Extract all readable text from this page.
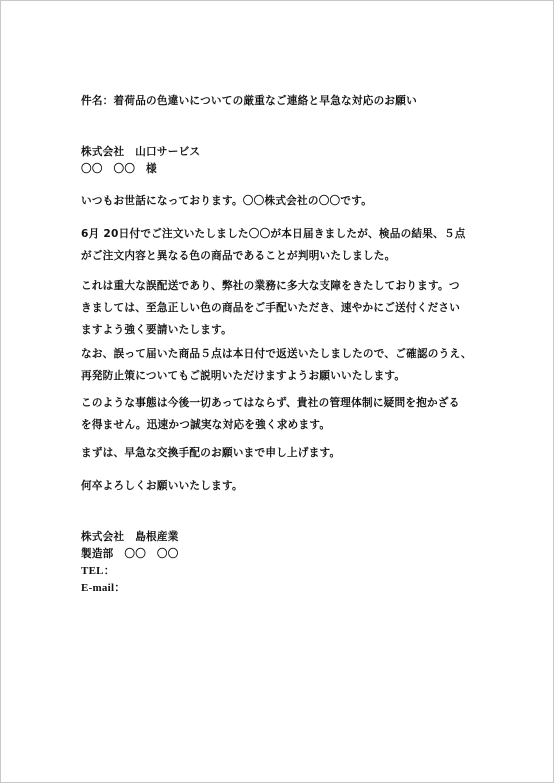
件名：着荷品の色違いについての厳重なご連絡と早急な対応のお願い
株式会社　山口サービス
〇〇　〇〇　様
いつもお世話になっております。〇〇株式会社の〇〇です。
6月 20日付でご注文いたしました〇〇が本日届きましたが、検品の結果、５点
がご注文内容と異なる色の商品であることが判明いたしました。
これは重大な誤配送であり、弊社の業務に多大な支障をきたしております。つ
きましては、至急正しい色の商品をご手配いただき、速やかにご送付ください
ますよう強く要請いたします。
なお、誤って届いた商品５点は本日付で返送いたしましたので、ご確認のうえ、
再発防止策についてもご説明いただけますようお願いいたします。
このような事態は今後一切あってはならず、貴社の管理体制に疑問を抱かざる
を得ません。迅速かつ誠実な対応を強く求めます。
まずは、早急な交換手配のお願いまで申し上げます。
何卒よろしくお願いいたします。
株式会社　島根産業
製造部　〇〇　〇〇
TEL：
E-mail：
